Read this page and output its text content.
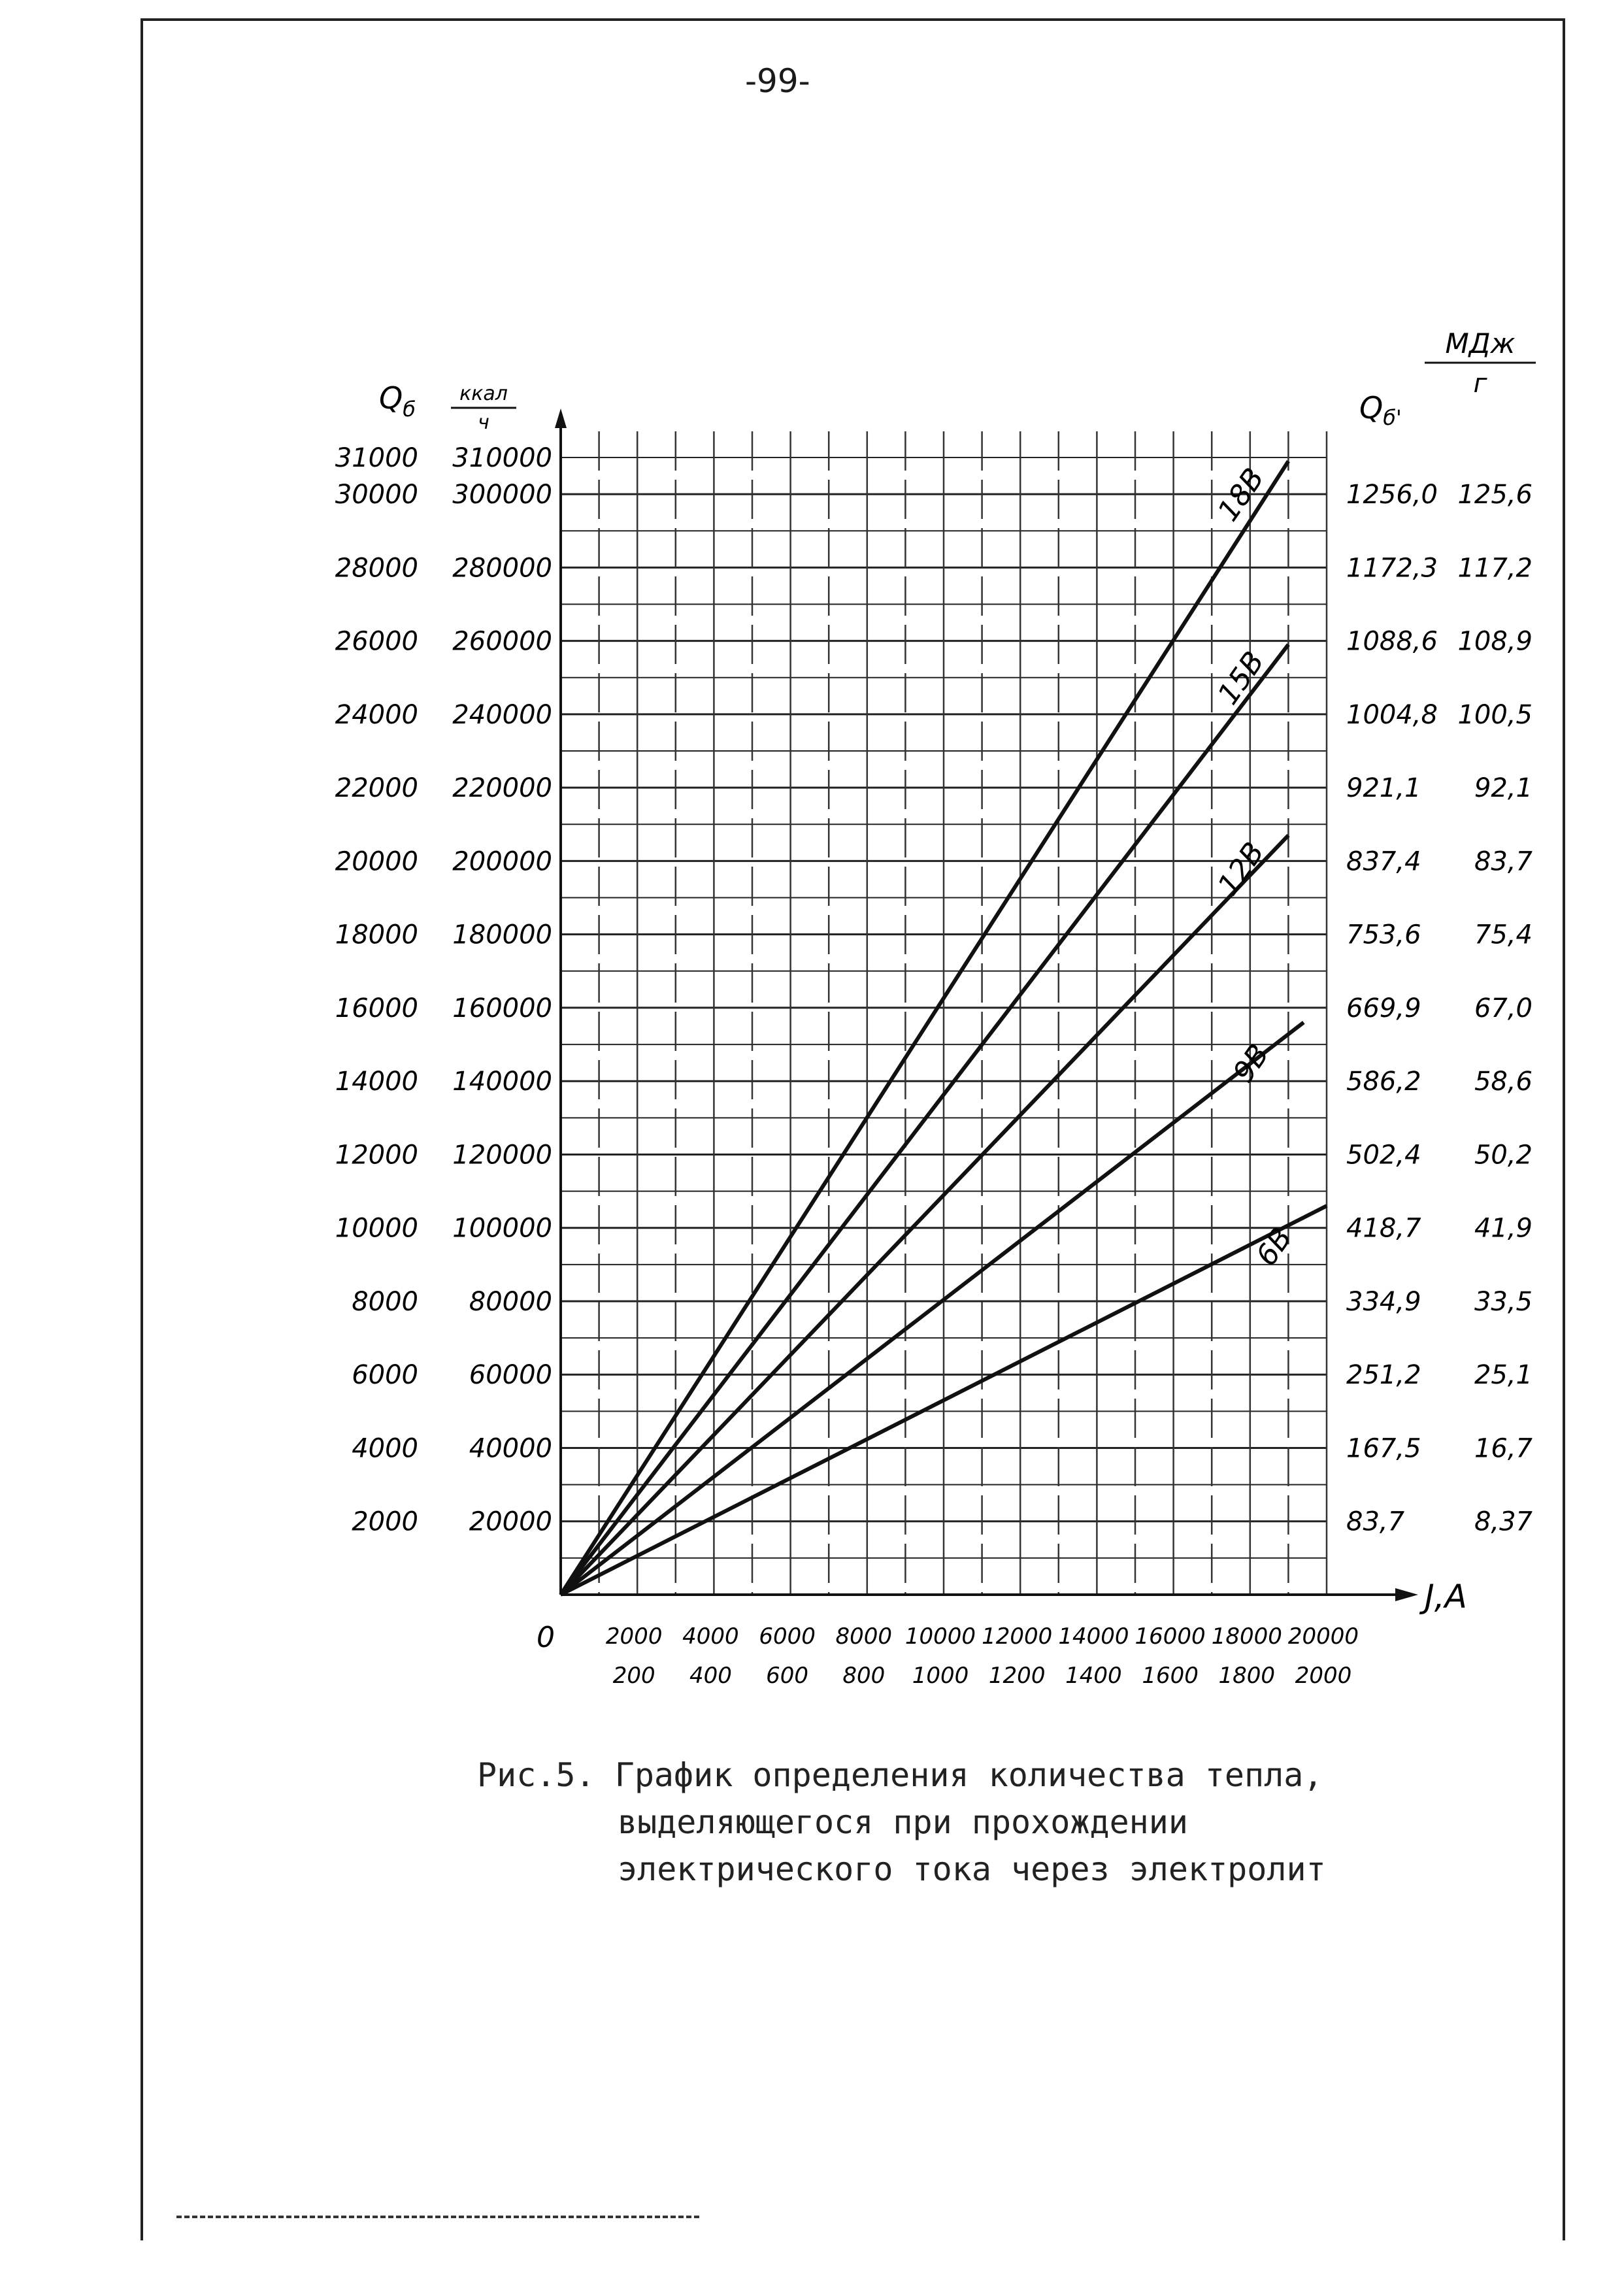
-99-
18В
15В
12В
9В
6В
31000
30000
28000
26000
24000
22000
20000
18000
16000
14000
12000
10000
8000
6000
4000
2000
310000
300000
280000
260000
240000
220000
200000
180000
160000
140000
120000
100000
80000
60000
40000
20000
1256,0
1172,3
1088,6
1004,8
921,1
837,4
753,6
669,9
586,2
502,4
418,7
334,9
251,2
167,5
83,7
125,6
117,2
108,9
100,5
92,1
83,7
75,4
67,0
58,6
50,2
41,9
33,5
25,1
16,7
8,37
0 2000
200
4000
400
6000
600
8000
800
10000
1000
12000
1200
14000
1400
16000
1600
18000
1800
20000
2000
$Q_б$
ккал
ч	$Q_{б'}$
МДж
г
J,A
Рис.5. График определения количества тепла,

выделяющегося при прохождении
электрического тока через электролит
